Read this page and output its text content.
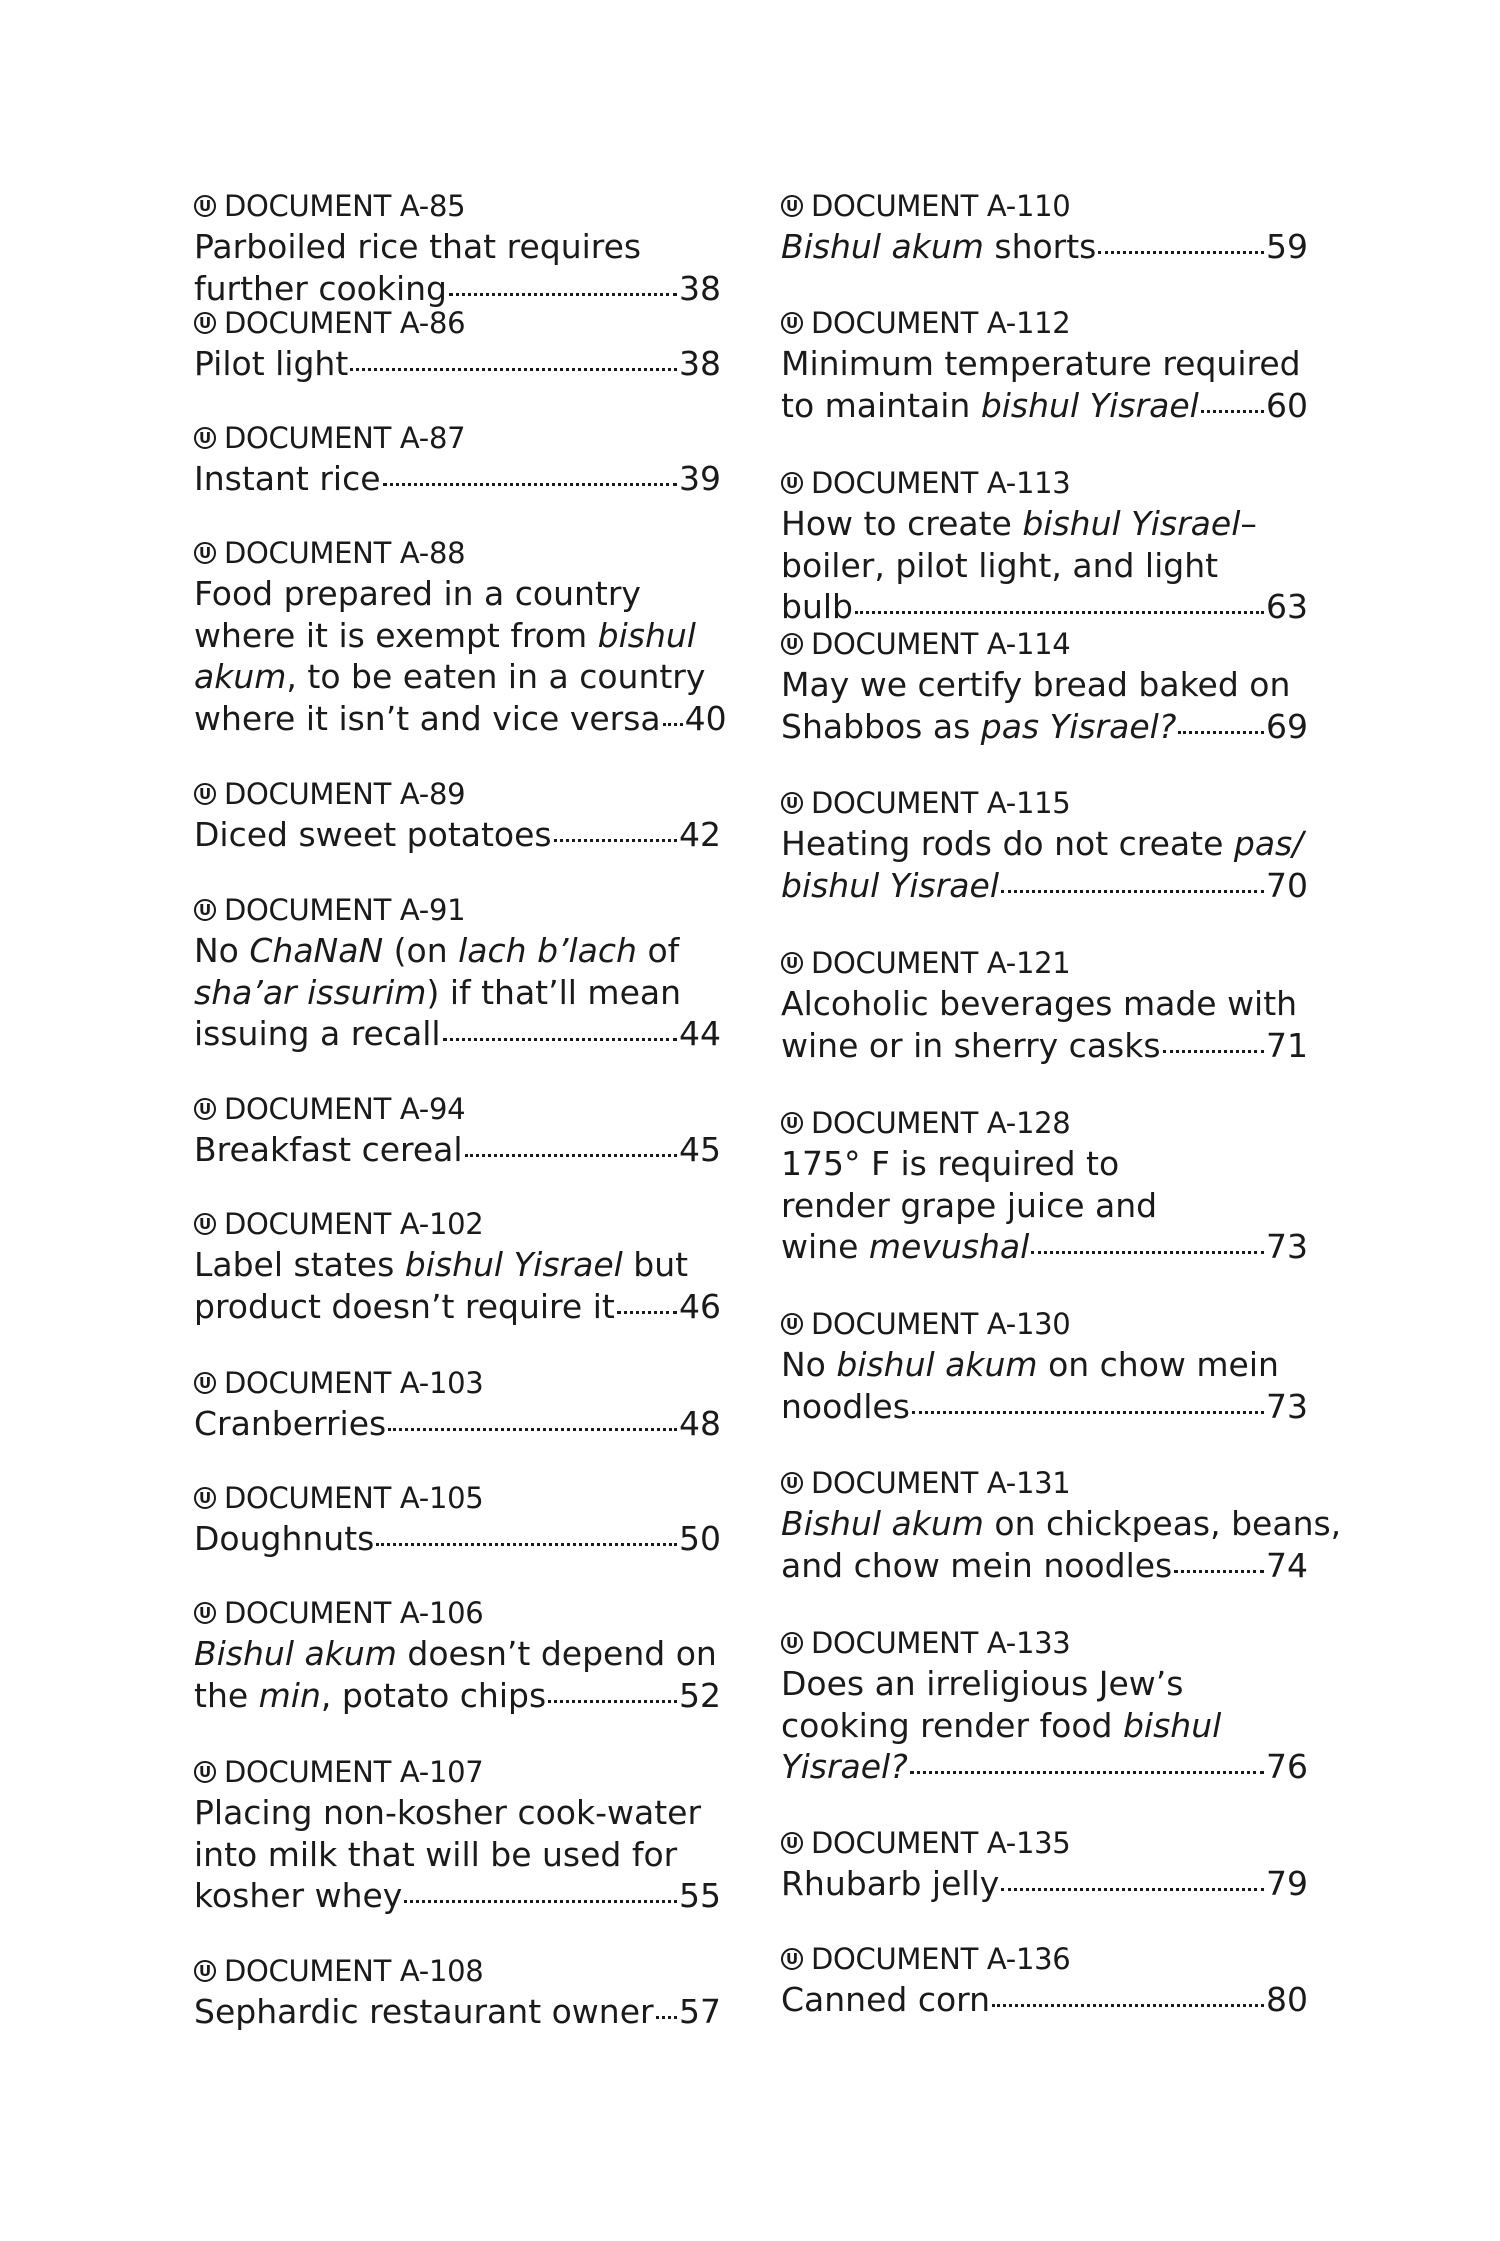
U DOCUMENT A-85
Parboiled rice that requires
further cooking	38
U DOCUMENT A-86
Pilot light	38
U DOCUMENT A-87
Instant rice	39
U DOCUMENT A-88
Food prepared in a country
where it is exempt from bishul
akum, to be eaten in a country
where it isn’t and vice versa 40
U DOCUMENT A-89
Diced sweet potatoes	42
U DOCUMENT A-91
No ChaNaN (on lach b’lach of
sha’ar issurim) if that’ll mean
issuing a recall	44
U DOCUMENT A-94
Breakfast cereal	45
U DOCUMENT A-102
Label states bishul Yisrael but
product doesn’t require it 46
U DOCUMENT A-103
Cranberries	48
U DOCUMENT A-105
Doughnuts	50
U DOCUMENT A-106
Bishul akum doesn’t depend on
the min, potato chips	52
U DOCUMENT A-107
Placing non-kosher cook-water
into milk that will be used for
kosher whey	55
U DOCUMENT A-108
Sephardic restaurant owner 57
U DOCUMENT A-110
Bishul akum shorts	59
U DOCUMENT A-112
Minimum temperature required
to maintain bishul Yisrael 60
U DOCUMENT A-113
How to create bishul Yisrael–
boiler, pilot light, and light
bulb	63
U DOCUMENT A-114
May we certify bread baked on
Shabbos as pas Yisrael?	69
U DOCUMENT A-115
Heating rods do not create pas/
bishul Yisrael	70
U DOCUMENT A-121
Alcoholic beverages made with
wine or in sherry casks	71
U DOCUMENT A-128
175° F is required to
render grape juice and
wine mevushal	73
U DOCUMENT A-130
No bishul akum on chow mein
noodles	73
U DOCUMENT A-131
Bishul akum on chickpeas, beans,
and chow mein noodles	74
U DOCUMENT A-133
Does an irreligious Jew’s
cooking render food bishul
Yisrael?	76
U DOCUMENT A-135
Rhubarb jelly	79
U DOCUMENT A-136
Canned corn	80
